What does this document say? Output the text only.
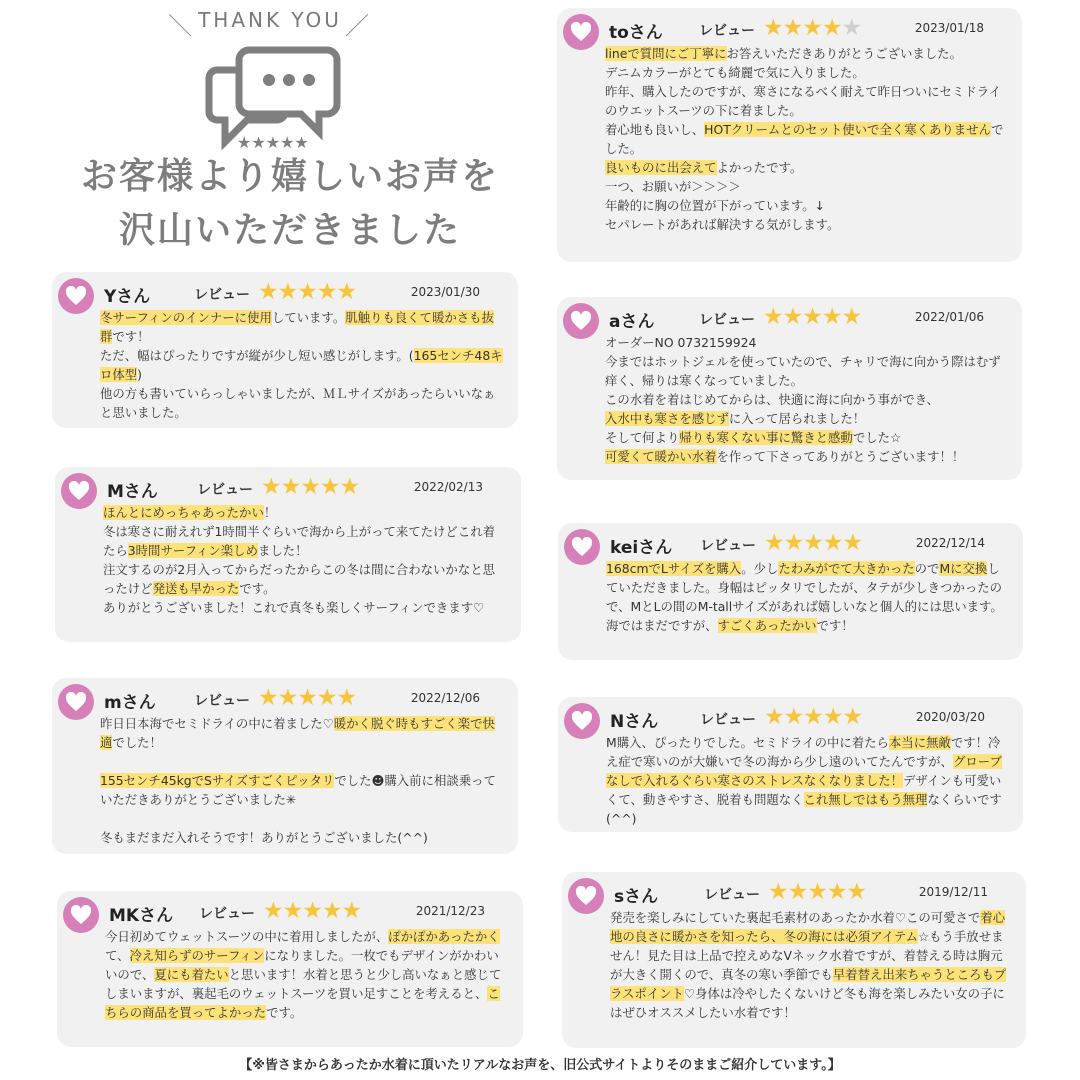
＼ THANK YOU ／
★★★★★
お客様より嬉しいお声を
沢山いただきました
Yさん	レビュー ★★★★★	2023/01/30
冬サーフィンのインナーに使用しています。肌触りも良くて暖かさも抜群です！
ただ、幅はぴったりですが縦が少し短い感じがします。(165センチ48キロ体型)
他の方も書いていらっしゃいましたが、ＭＬサイズがあったらいいなぁと思いました。
Mさん	レビュー ★★★★★	2022/02/13
ほんとにめっちゃあったかい！
冬は寒さに耐えれず1時間半ぐらいで海から上がって来てたけどこれ着たら3時間サーフィン楽しめました！
注文するのが2月入ってからだったからこの冬は間に合わないかなと思ったけど発送も早かったです。
ありがとうございました！これで真冬も楽しくサーフィンできます♡
mさん	レビュー ★★★★★	2022/12/06
昨日日本海でセミドライの中に着ました♡暖かく脱ぐ時もすごく楽で快適でした！

155センチ45kgでSサイズすごくピッタリでした☻購入前に相談乗っていただきありがとうございました✳

冬もまだまだ入れそうです！ありがとうございました(^^)
MKさん レビュー ★★★★★	2021/12/23
今日初めてウェットスーツの中に着用しましたが、ぽかぽかあったかくて、冷え知らずのサーフィンになりました。一枚でもデザインがかわいいので、夏にも着たいと思います！水着と思うと少し高いなぁと感じてしまいますが、裏起毛のウェットスーツを買い足すことを考えると、こちらの商品を買ってよかったです。
toさん	レビュー ★★★★★	2023/01/18
lineで質問にご丁寧にお答えいただきありがとうございました。
デニムカラーがとても綺麗で気に入りました。
昨年、購入したのですが、寒さになるべく耐えて昨日ついにセミドライのウエットスーツの下に着ました。
着心地も良いし、HOTクリームとのセット使いで全く寒くありませんでした。
良いものに出会えてよかったです。
一つ、お願いが＞＞＞＞
年齢的に胸の位置が下がっています。↓
セパレートがあれば解決する気がします。
aさん	レビュー ★★★★★	2022/01/06
オーダーNO 0732159924
今まではホットジェルを使っていたので、チャリで海に向かう際はむず痒く、帰りは寒くなっていました。
この水着を着はじめてからは、快適に海に向かう事ができ、
入水中も寒さを感じずに入って居られました！
そして何より帰りも寒くない事に驚きと感動でした☆
可愛くて暖かい水着を作って下さってありがとうございます！！
keiさん レビュー ★★★★★	2022/12/14
168cmでLサイズを購入。少したわみがでて大きかったのでMに交換していただきました。身幅はピッタリでしたが、タテが少しきつかったので、MとLの間のM-tallサイズがあれば嬉しいなと個人的には思います。海ではまだですが、すごくあったかいです！
Nさん	レビュー ★★★★★	2020/03/20
M購入、ぴったりでした。セミドライの中に着たら本当に無敵です！冷え症で寒いのが大嫌いで冬の海から少し遠のいてたんですが、グローブなしで入れるぐらい寒さのストレスなくなりました！デザインも可愛いくて、動きやすさ、脱着も問題なくこれ無しではもう無理なくらいです(^^)
sさん	レビュー ★★★★★	2019/12/11
発売を楽しみにしていた裏起毛素材のあったか水着♡この可愛さで着心地の良さに暖かさを知ったら、冬の海には必須アイテム☆もう手放せません！見た目は上品で控えめなVネック水着ですが、着替える時は胸元が大きく開くので、真冬の寒い季節でも早着替え出来ちゃうところもプラスポイント♡身体は冷やしたくないけど冬も海を楽しみたい女の子にはぜひオススメしたい水着です！
【※皆さまからあったか水着に頂いたリアルなお声を、旧公式サイトよりそのままご紹介しています。】
